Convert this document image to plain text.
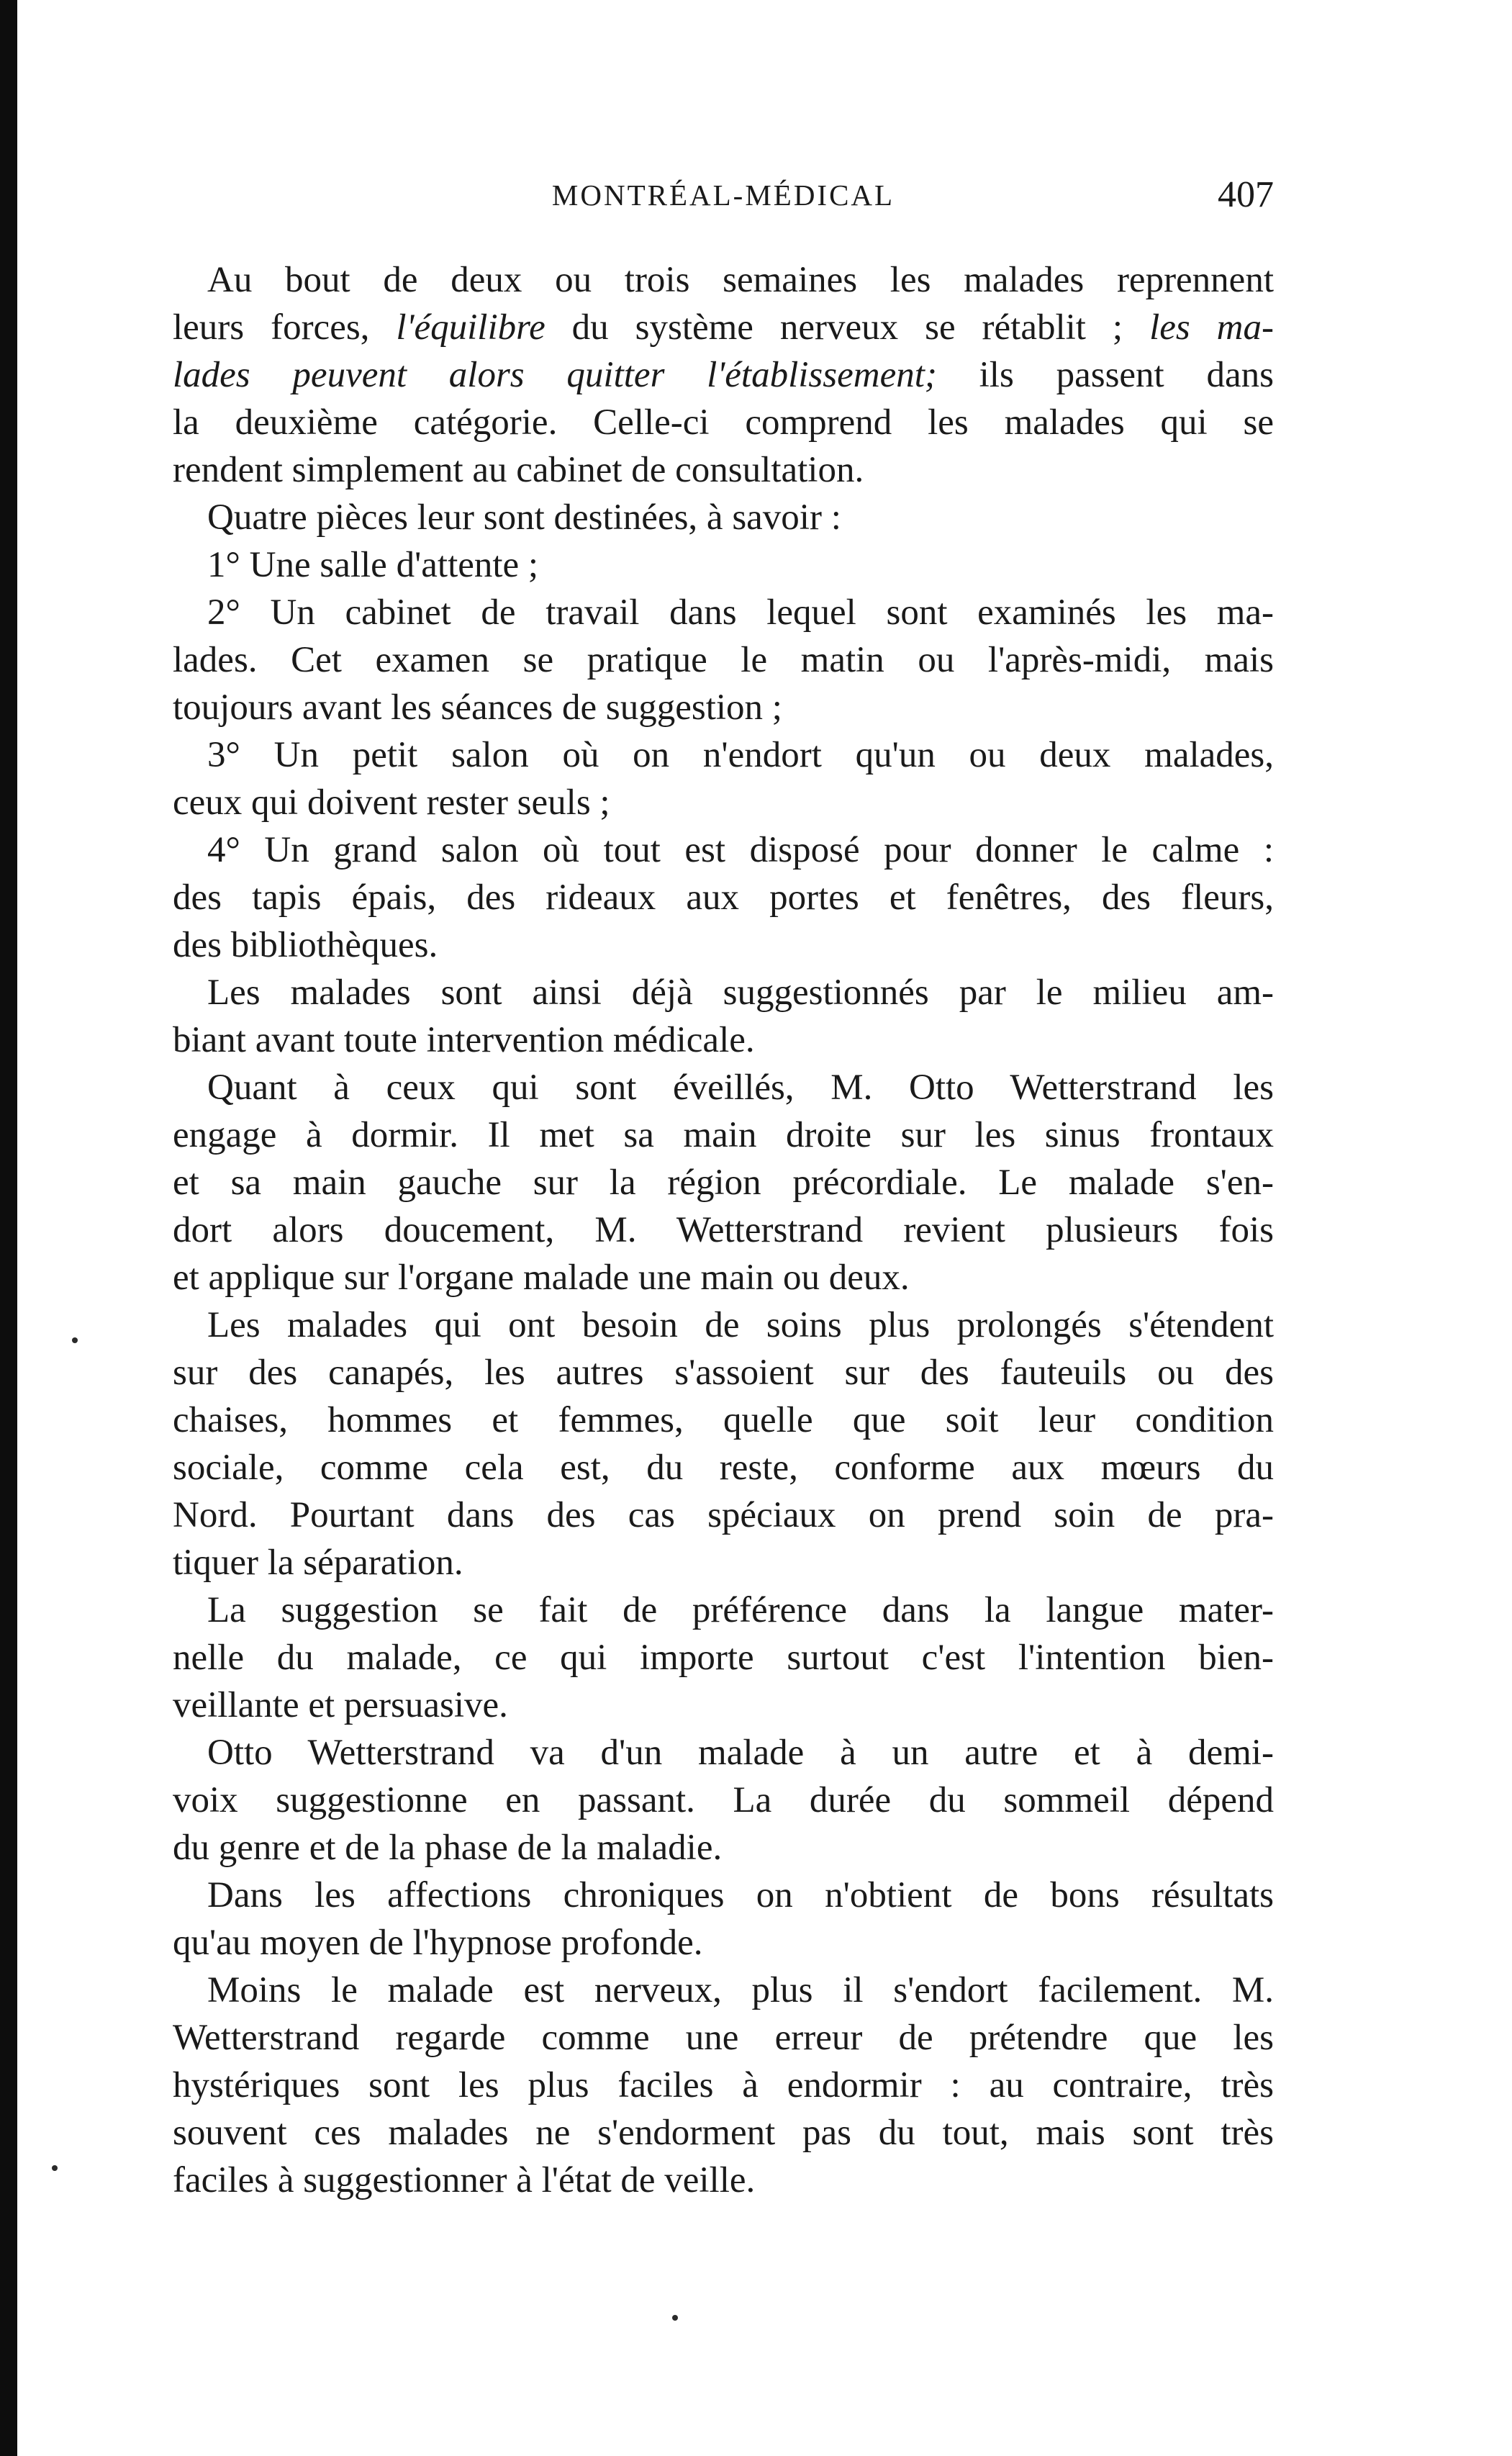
MONTRÉAL-MÉDICAL	407
Au bout de deux ou trois semaines les malades reprennent
leurs forces, l'équilibre du système nerveux se rétablit ; les ma-
lades peuvent alors quitter l'établissement; ils passent dans
la deuxième catégorie. Celle-ci comprend les malades qui se
rendent simplement au cabinet de consultation.
Quatre pièces leur sont destinées, à savoir :
1° Une salle d'attente ;
2° Un cabinet de travail dans lequel sont examinés les ma-
lades. Cet examen se pratique le matin ou l'après-midi, mais
toujours avant les séances de suggestion ;
3° Un petit salon où on n'endort qu'un ou deux malades,
ceux qui doivent rester seuls ;
4° Un grand salon où tout est disposé pour donner le calme :
des tapis épais, des rideaux aux portes et fenêtres, des fleurs,
des bibliothèques.
Les malades sont ainsi déjà suggestionnés par le milieu am-
biant avant toute intervention médicale.
Quant à ceux qui sont éveillés, M. Otto Wetterstrand les
engage à dormir. Il met sa main droite sur les sinus frontaux
et sa main gauche sur la région précordiale. Le malade s'en-
dort alors doucement, M. Wetterstrand revient plusieurs fois
et applique sur l'organe malade une main ou deux.
Les malades qui ont besoin de soins plus prolongés s'étendent
sur des canapés, les autres s'assoient sur des fauteuils ou des
chaises, hommes et femmes, quelle que soit leur condition
sociale, comme cela est, du reste, conforme aux mœurs du
Nord. Pourtant dans des cas spéciaux on prend soin de pra-
tiquer la séparation.
La suggestion se fait de préférence dans la langue mater-
nelle du malade, ce qui importe surtout c'est l'intention bien-
veillante et persuasive.
Otto Wetterstrand va d'un malade à un autre et à demi-
voix suggestionne en passant. La durée du sommeil dépend
du genre et de la phase de la maladie.
Dans les affections chroniques on n'obtient de bons résultats
qu'au moyen de l'hypnose profonde.
Moins le malade est nerveux, plus il s'endort facilement. M.
Wetterstrand regarde comme une erreur de prétendre que les
hystériques sont les plus faciles à endormir : au contraire, très
souvent ces malades ne s'endorment pas du tout, mais sont très
faciles à suggestionner à l'état de veille.
